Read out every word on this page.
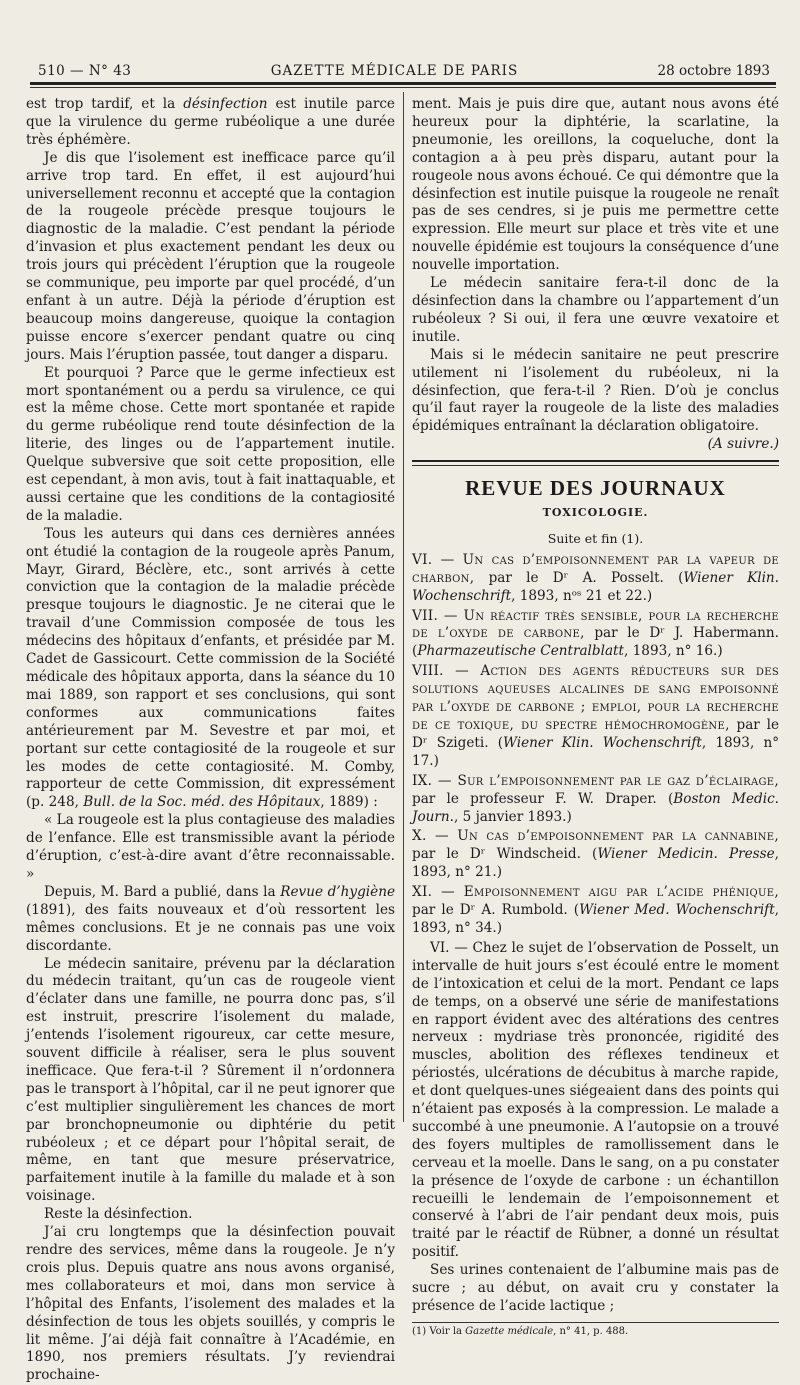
510 — N° 43	GAZETTE MÉDICALE DE PARIS	28 octobre 1893

est trop tardif, et la désinfection est inutile parce que la virulence du germe rubéolique a une durée très éphémère.

Je dis que l’isolement est inefficace parce qu’il arrive trop tard. En effet, il est aujourd’hui universellement reconnu et accepté que la contagion de la rougeole précède presque toujours le diagnostic de la maladie. C’est pendant la période d’invasion et plus exactement pendant les deux ou trois jours qui précèdent l’éruption que la rougeole se communique, peu importe par quel procédé, d’un enfant à un autre. Déjà la période d’éruption est beaucoup moins dangereuse, quoique la contagion puisse encore s’exercer pendant quatre ou cinq jours. Mais l’éruption passée, tout danger a disparu.

Et pourquoi ? Parce que le germe infectieux est mort spontanément ou a perdu sa virulence, ce qui est la même chose. Cette mort spontanée et rapide du germe rubéolique rend toute désinfection de la literie, des linges ou de l’appartement inutile. Quelque subversive que soit cette proposition, elle est cependant, à mon avis, tout à fait inattaquable, et aussi certaine que les conditions de la contagiosité de la maladie.

Tous les auteurs qui dans ces dernières années ont étudié la contagion de la rougeole après Panum, Mayr, Girard, Béclère, etc., sont arrivés à cette conviction que la contagion de la maladie précède presque toujours le diagnostic. Je ne citerai que le travail d’une Commission composée de tous les médecins des hôpitaux d’enfants, et présidée par M. Cadet de Gassicourt. Cette commission de la Société médicale des hôpitaux apporta, dans la séance du 10 mai 1889, son rapport et ses conclusions, qui sont conformes aux communications faites antérieurement par M. Sevestre et par moi, et portant sur cette contagiosité de la rougeole et sur les modes de cette contagiosité. M. Comby, rapporteur de cette Commission, dit expressément (p. 248, Bull. de la Soc. méd. des Hôpitaux, 1889) :

« La rougeole est la plus contagieuse des maladies de l’enfance. Elle est transmissible avant la période d’éruption, c’est-à-dire avant d’être reconnaissable. »

Depuis, M. Bard a publié, dans la Revue d’hygiène (1891), des faits nouveaux et d’où ressortent les mêmes conclusions. Et je ne connais pas une voix discordante.

Le médecin sanitaire, prévenu par la déclaration du médecin traitant, qu’un cas de rougeole vient d’éclater dans une famille, ne pourra donc pas, s’il est instruit, prescrire l’isolement du malade, j’entends l’isolement rigoureux, car cette mesure, souvent difficile à réaliser, sera le plus souvent inefficace. Que fera-t-il ? Sûrement il n’ordonnera pas le transport à l’hôpital, car il ne peut ignorer que c’est multiplier singulièrement les chances de mort par bronchopneumonie ou diphtérie du petit rubéoleux ; et ce départ pour l’hôpital serait, de même, en tant que mesure préservatrice, parfaitement inutile à la famille du malade et à son voisinage.

Reste la désinfection.

J’ai cru longtemps que la désinfection pouvait rendre des services, même dans la rougeole. Je n’y crois plus. Depuis quatre ans nous avons organisé, mes collaborateurs et moi, dans mon service à l’hôpital des Enfants, l’isolement des malades et la désinfection de tous les objets souillés, y compris le lit même. J’ai déjà fait connaître à l’Académie, en 1890, nos premiers résultats. J’y reviendrai prochaine-

ment. Mais je puis dire que, autant nous avons été heureux pour la diphtérie, la scarlatine, la pneumonie, les oreillons, la coqueluche, dont la contagion a à peu près disparu, autant pour la rougeole nous avons échoué. Ce qui démontre que la désinfection est inutile puisque la rougeole ne renaît pas de ses cendres, si je puis me permettre cette expression. Elle meurt sur place et très vite et une nouvelle épidémie est toujours la conséquence d’une nouvelle importation.

Le médecin sanitaire fera-t-il donc de la désinfection dans la chambre ou l’appartement d’un rubéoleux ? Si oui, il fera une œuvre vexatoire et inutile.

Mais si le médecin sanitaire ne peut prescrire utilement ni l’isolement du rubéoleux, ni la désinfection, que fera-t-il ? Rien. D’où je conclus qu’il faut rayer la rougeole de la liste des maladies épidémiques entraînant la déclaration obligatoire.

(A suivre.)

REVUE DES JOURNAUX
TOXICOLOGIE.
Suite et fin (1).

VI. — Un cas d’empoisonnement par la vapeur de charbon, par le Dʳ A. Posselt. (Wiener Klin. Wochenschrift, 1893, nᵒˢ 21 et 22.)

VII. — Un réactif très sensible, pour la recherche de l’oxyde de carbone, par le Dʳ J. Habermann. (Pharmazeutische Centralblatt, 1893, n° 16.)

VIII. — Action des agents réducteurs sur des solutions aqueuses alcalines de sang empoisonné par l’oxyde de carbone ; emploi, pour la recherche de ce toxique, du spectre hémochromogène, par le Dʳ Szigeti. (Wiener Klin. Wochenschrift, 1893, n° 17.)

IX. — Sur l’empoisonnement par le gaz d’éclairage, par le professeur F. W. Draper. (Boston Medic. Journ., 5 janvier 1893.)

X. — Un cas d’empoisonnement par la cannabine, par le Dʳ Windscheid. (Wiener Medicin. Presse, 1893, n° 21.)

XI. — Empoisonnement aigu par l’acide phénique, par le Dʳ A. Rumbold. (Wiener Med. Wochenschrift, 1893, n° 34.)

VI. — Chez le sujet de l’observation de Posselt, un intervalle de huit jours s’est écoulé entre le moment de l’intoxication et celui de la mort. Pendant ce laps de temps, on a observé une série de manifestations en rapport évident avec des altérations des centres nerveux : mydriase très prononcée, rigidité des muscles, abolition des réflexes tendineux et périostés, ulcérations de décubitus à marche rapide, et dont quelques-unes siégeaient dans des points qui n’étaient pas exposés à la compression. Le malade a succombé à une pneumonie. A l’autopsie on a trouvé des foyers multiples de ramollissement dans le cerveau et la moelle. Dans le sang, on a pu constater la présence de l’oxyde de carbone : un échantillon recueilli le lendemain de l’empoisonnement et conservé à l’abri de l’air pendant deux mois, puis traité par le réactif de Rübner, a donné un résultat positif.

Ses urines contenaient de l’albumine mais pas de sucre ; au début, on avait cru y constater la présence de l’acide lactique ;

(1) Voir la Gazette médicale, n° 41, p. 488.
